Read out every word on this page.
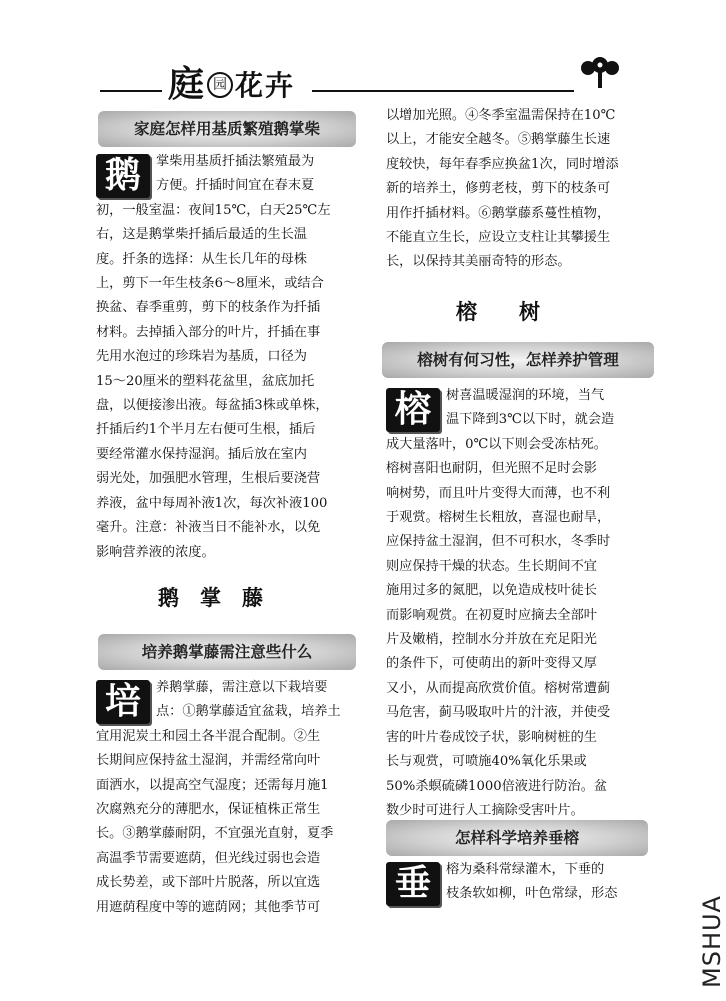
庭 园 花卉
家庭怎样用基质繁殖鹅掌柴
鹅	掌柴用基质扦插法繁殖最为
方便。扦插时间宜在春末夏
初，一般室温：夜间15℃，白天25℃左
右，这是鹅掌柴扦插后最适的生长温
度。扦条的选择：从生长几年的母株
上，剪下一年生枝条6～8厘米，或结合
换盆、春季重剪，剪下的枝条作为扦插
材料。去掉插入部分的叶片，扦插在事
先用水泡过的珍珠岩为基质，口径为
15～20厘米的塑料花盆里，盆底加托
盘，以便接渗出液。每盆插3株或单株，
扦插后约1个半月左右便可生根，插后
要经常灌水保持湿润。插后放在室内
弱光处，加强肥水管理，生根后要浇营
养液，盆中每周补液1次，每次补液100
毫升。注意：补液当日不能补水，以免
影响营养液的浓度。
鹅　掌　藤
培养鹅掌藤需注意些什么
培	养鹅掌藤，需注意以下栽培要
点：①鹅掌藤适宜盆栽，培养土
宜用泥炭土和园土各半混合配制。②生
长期间应保持盆土湿润，并需经常向叶
面洒水，以提高空气湿度；还需每月施1
次腐熟充分的薄肥水，保证植株正常生
长。③鹅掌藤耐阴，不宜强光直射，夏季
高温季节需要遮荫，但光线过弱也会造
成长势差，或下部叶片脱落，所以宜选
用遮荫程度中等的遮荫网；其他季节可
以增加光照。④冬季室温需保持在10℃
以上，才能安全越冬。⑤鹅掌藤生长速
度较快，每年春季应换盆1次，同时增添
新的培养土，修剪老枝，剪下的枝条可
用作扦插材料。⑥鹅掌藤系蔓性植物，
不能直立生长，应设立支柱让其攀援生
长，以保持其美丽奇特的形态。
榕　　树
榕树有何习性，怎样养护管理
榕	树喜温暖湿润的环境，当气
温下降到3℃以下时，就会造
成大量落叶，0℃以下则会受冻枯死。
榕树喜阳也耐阴，但光照不足时会影
响树势，而且叶片变得大而薄，也不利
于观赏。榕树生长粗放，喜湿也耐旱，
应保持盆土湿润，但不可积水，冬季时
则应保持干燥的状态。生长期间不宜
施用过多的氮肥，以免造成枝叶徒长
而影响观赏。在初夏时应摘去全部叶
片及嫩梢，控制水分并放在充足阳光
的条件下，可使萌出的新叶变得又厚
又小，从而提高欣赏价值。榕树常遭蓟
马危害，蓟马吸取叶片的汁液，并使受
害的叶片卷成饺子状，影响树桩的生
长与观赏，可喷施40%氧化乐果或
50%杀螟硫磷1000倍液进行防治。盆
数少时可进行人工摘除受害叶片。
怎样科学培养垂榕
垂	榕为桑科常绿灌木，下垂的
枝条软如柳，叶色常绿，形态
MSHUA
